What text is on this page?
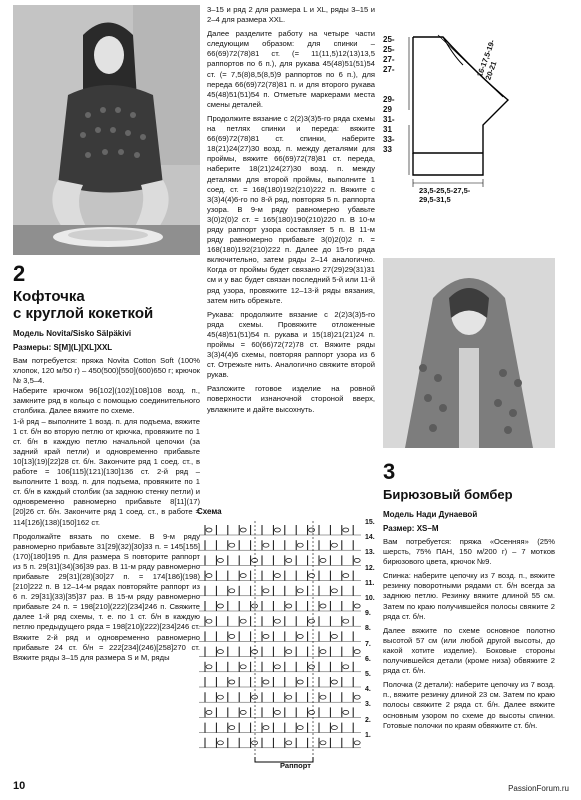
2
Кофточка
с круглой кокеткой
Модель Novita/Sisko Sälpäkivi
Размеры: S[M](L)[XL]XXL

Вам потребуется: пряжа Novita Cotton Soft (100% хлопок, 120 м/50 г) – 450(500)[550](600)650 г; крючок № 3,5–4.
Наберите крючком 96[102](102)[108]108 возд. п., замкните ряд в кольцо с помощью соединительного столбика. Далее вяжите по схеме.
1-й ряд – выполните 1 возд. п. для подъема, вяжите 1 ст. б/н во вторую петлю от крючка, провяжите по 1 ст. б/н в каждую петлю начальной цепочки (за задний край петли) и одновременно прибавьте 10[13](19)[22]28 ст. б/н. Закончите ряд 1 соед. ст., в работе = 106[115](121)[130]136 ст. 2-й ряд – выполните 1 возд. п. для подъема, провяжите по 1 ст. б/н в каждый столбик (за заднюю стенку петли) и одновременно равномерно прибавьте 8[11](17)[20]26 ст. б/н. Закончите ряд 1 соед. ст., в работе = 114[126](138)[150]162 ст.

Продолжайте вязать по схеме. В 9-м ряду равномерно прибавьте 31[29](32)[30]33 п. = 145[155](170)[180]195 п. Для размера S повторите раппорт из 5 п. 29[31](34)[36]39 раз. В 11-м ряду равномерно прибавьте 29[31](28)[30]27 п. = 174[186](198)[210]222 п. В 12–14-м рядах повторяйте раппорт из 6 п. 29[31](33)[35]37 раз. В 15-м ряду равномерно прибавьте 24 п. = 198[210](222)[234]246 п. Свяжите далее 1-й ряд схемы, т. е. по 1 ст. б/н в каждую петлю предыдущего ряда = 198[210](222)[234]246 ст. Вяжите 2-й ряд и одновременно равномерно прибавьте 24 ст. б/н = 222[234](246)[258]270 ст. Вяжите ряды 3–15 для размера S и M, ряды

3–15 и ряд 2 для размера L и XL, ряды 3–15 и 2–4 для размера XXL.

Далее разделите работу на четыре части следующим образом: для спинки – 66(69)72(78)81 ст. (= 11(11,5)12(13)13,5 раппортов по 6 п.), для рукава 45(48)51(51)54 ст. (= 7,5(8)8,5(8,5)9 раппортов по 6 п.), для переда 66(69)72(78)81 п. и для второго рукава 45(48)51(51)54 п. Отметьте маркерами места смены деталей.

Продолжите вязание с 2(2)3(3)5-го ряда схемы на петлях спинки и переда: вяжите 66(69)72(78)81 ст. спинки, наберите 18(21)24(27)30 возд. п. между деталями для проймы, вяжите 66(69)72(78)81 ст. переда, наберите 18(21)24(27)30 возд. п. между деталями для второй проймы, выполните 1 соед. ст. = 168(180)192(210)222 п. Вяжите с 3(3)4(4)6-го по 8-й ряд, повторяя 5 п. раппорта узора. В 9-м ряду равномерно убавьте 3(0)2(0)2 ст. = 165(180)190(210)220 п. В 10-м ряду раппорт узора составляет 5 п. В 11-м ряду равномерно прибавьте 3(0)2(0)2 п. = 168(180)192(210)222 п. Далее до 15-го ряда включительно, затем ряды 2–14 аналогично. Когда от проймы будет связано 27(29)29(31)31 см и у вас будет связан последний 5-й или 11-й ряд узора, провяжите 12–13-й ряды вязания, затем нить обрежьте.

Рукава: продолжите вязание с 2(2)3(3)5-го ряда схемы. Провяжите отложенные 45(48)51(51)54 п. рукава и 15(18)21(21)24 п. проймы = 60(66)72(72)78 ст. Вяжите ряды 3(3)4(4)6 схемы, повторяя раппорт узора из 6 ст. Отрежьте нить. Аналогично свяжите второй рукав.

Разложите готовое изделие на ровной поверхности изнаночной стороной вверх, увлажните и дайте высохнуть.

Схема
15.
14.
13.
12.
11.
10.
9.
8.
7.
6.
5.
4.
3.
2.
1.
Раппорт
25-
25-
27-
27-
29-
29
31-
31
33-
33
16-17,5-19-
20-21
23,5-25,5-27,5-
29,5-31,5
3
Бирюзовый бомбер
Модель Нади Дунаевой
Размер: XS–M

Вам потребуется: пряжа «Осенняя» (25% шерсть, 75% ПАН, 150 м/200 г) – 7 мотков бирюзового цвета, крючок №9.

Спинка: наберите цепочку из 7 возд. п., вяжите резинку поворотными рядами ст. б/н всегда за заднюю петлю. Резинку вяжите длиной 55 см. Затем по краю получившейся полосы свяжите 2 ряда ст. б/н.

Далее вяжите по схеме основное полотно высотой 57 см (или любой другой высоты, до какой хотите изделие). Боковые стороны получившейся детали (кроме низа) обвяжите 2 ряда ст. б/н.

Полочка (2 детали): наберите цепочку из 7 возд. п., вяжите резинку длиной 23 см. Затем по краю полосы свяжите 2 ряда ст. б/н. Далее вяжите основным узором по схеме до высоты спинки. Готовые полочки по краям обвяжите ст. б/н.

10	PassionForum.ru
